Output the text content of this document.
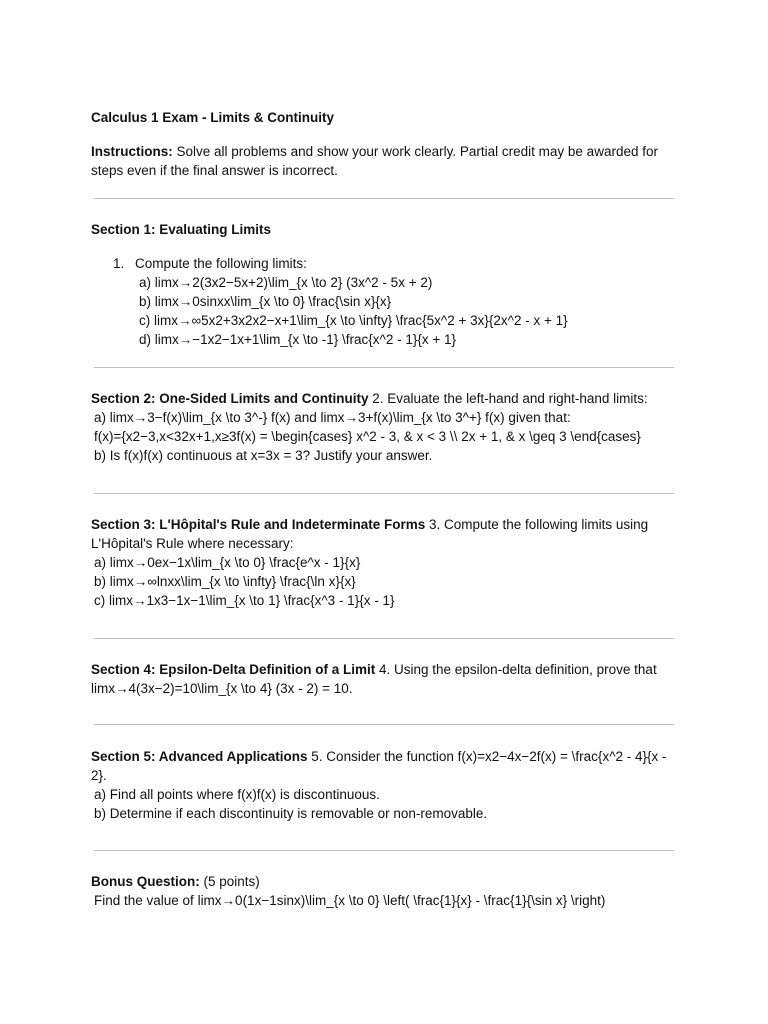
Calculus 1 Exam - Limits & Continuity
Instructions: Solve all problems and show your work clearly. Partial credit may be awarded for steps even if the final answer is incorrect.
Section 1: Evaluating Limits
1. Compute the following limits:
a) limx→2(3x2−5x+2)\lim_{x \to 2} (3x^2 - 5x + 2)
b) limx→0sinxx\lim_{x \to 0} \frac{\sin x}{x}
c) limx→∞5x2+3x2x2−x+1\lim_{x \to \infty} \frac{5x^2 + 3x}{2x^2 - x + 1}
d) limx→−1x2−1x+1\lim_{x \to -1} \frac{x^2 - 1}{x + 1}
Section 2: One-Sided Limits and Continuity 2. Evaluate the left-hand and right-hand limits:
a) limx→3−f(x)\lim_{x \to 3^-} f(x) and limx→3+f(x)\lim_{x \to 3^+} f(x) given that:
f(x)={x2−3,x<32x+1,x≥3f(x) = \begin{cases} x^2 - 3, & x < 3 \\ 2x + 1, & x \geq 3 \end{cases}
b) Is f(x)f(x) continuous at x=3x = 3? Justify your answer.
Section 3: L'Hôpital's Rule and Indeterminate Forms 3. Compute the following limits using L'Hôpital's Rule where necessary:
a) limx→0ex−1x\lim_{x \to 0} \frac{e^x - 1}{x}
b) limx→∞lnxx\lim_{x \to \infty} \frac{\ln x}{x}
c) limx→1x3−1x−1\lim_{x \to 1} \frac{x^3 - 1}{x - 1}
Section 4: Epsilon-Delta Definition of a Limit 4. Using the epsilon-delta definition, prove that limx→4(3x−2)=10\lim_{x \to 4} (3x - 2) = 10.
Section 5: Advanced Applications 5. Consider the function f(x)=x2−4x−2f(x) = \frac{x^2 - 4}{x - 2}.
a) Find all points where f(x)f(x) is discontinuous.
b) Determine if each discontinuity is removable or non-removable.
Bonus Question: (5 points)
Find the value of limx→0(1x−1sinx)\lim_{x \to 0} \left( \frac{1}{x} - \frac{1}{\sin x} \right)
